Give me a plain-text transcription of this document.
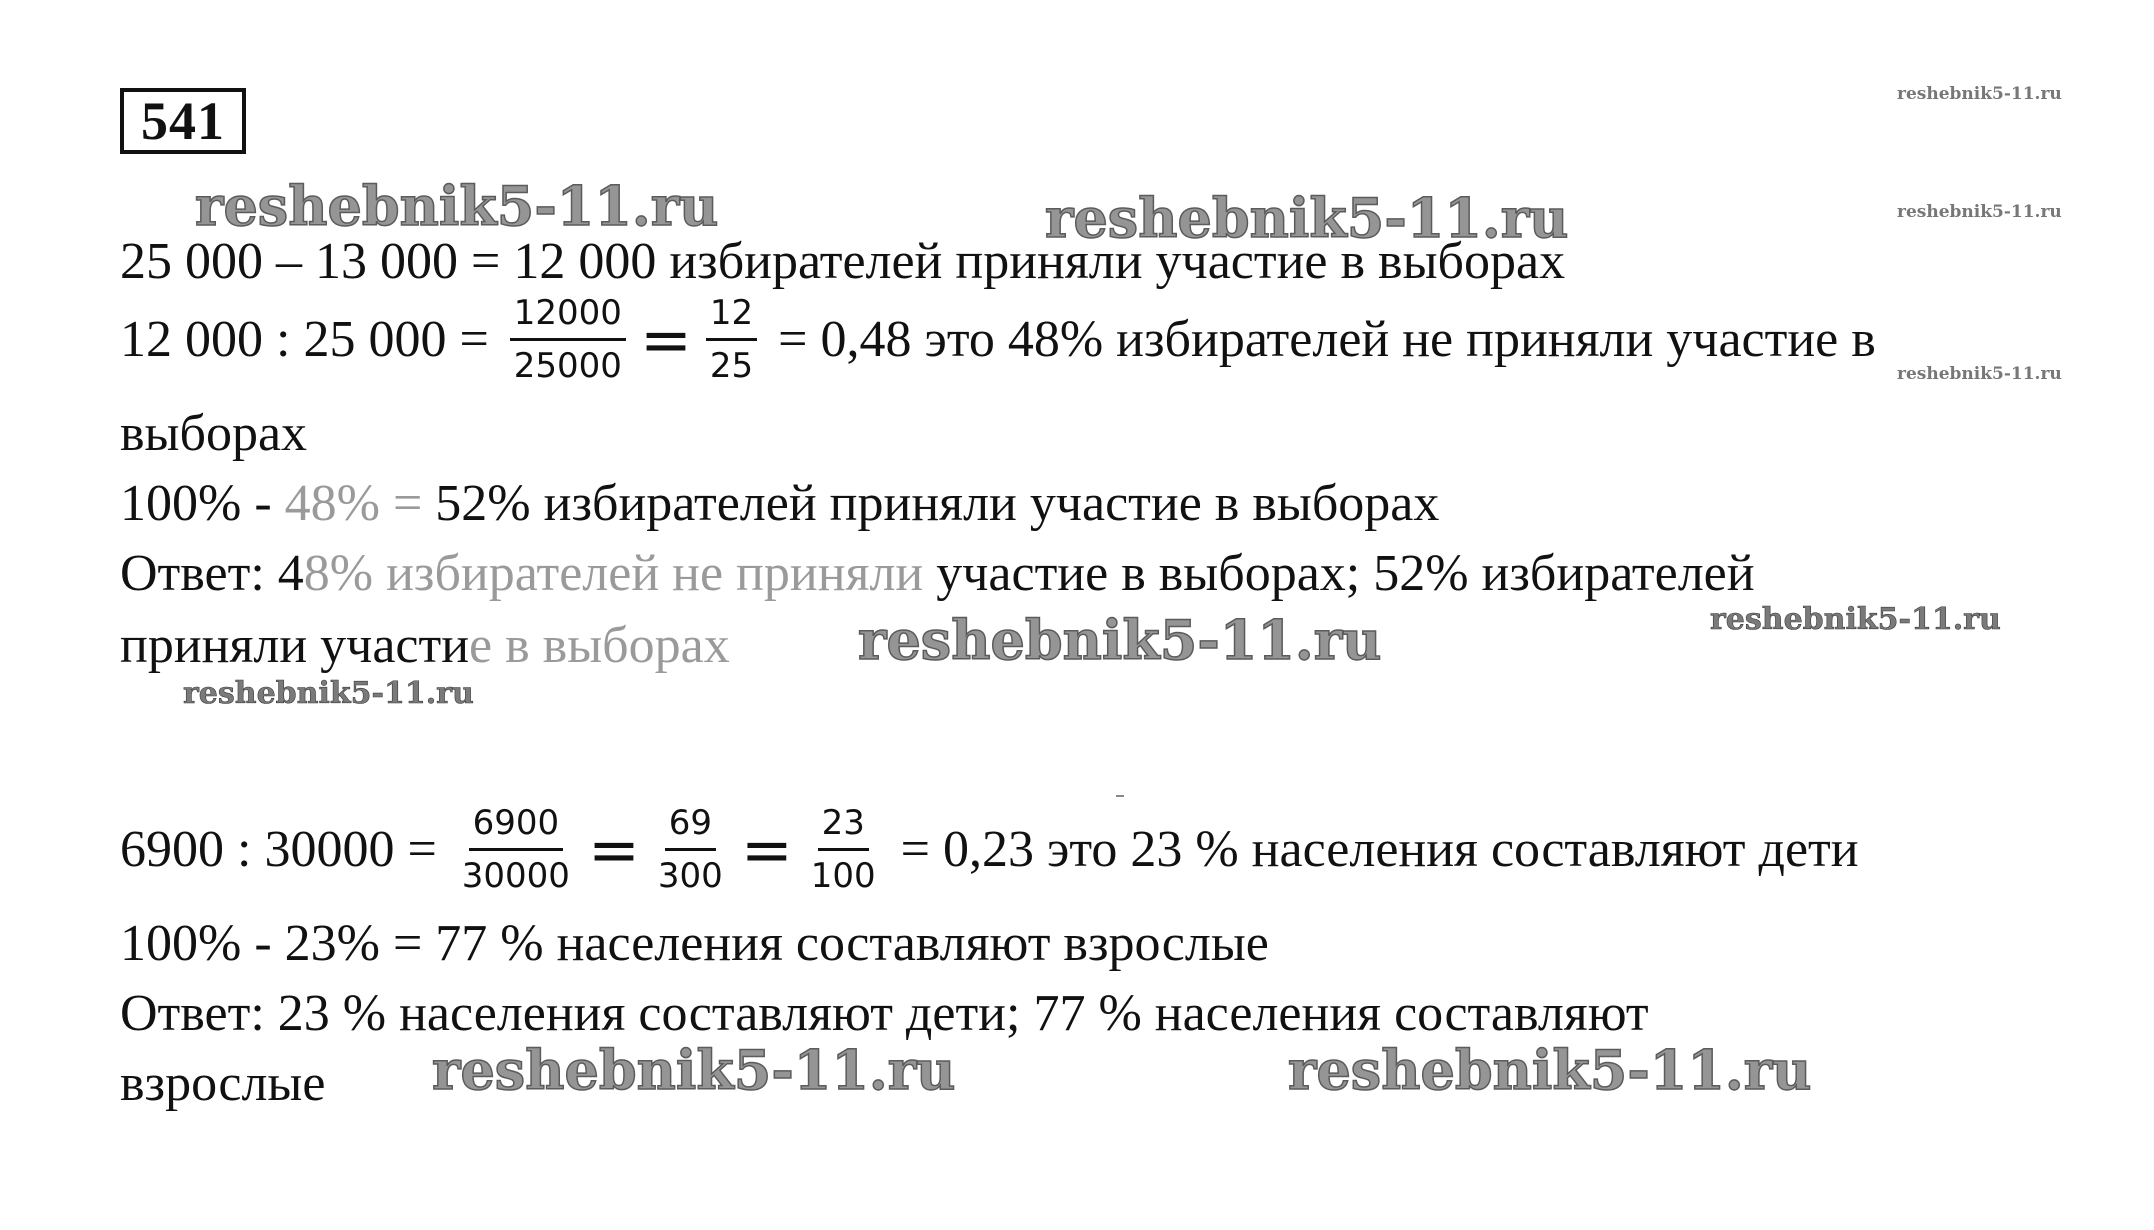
541
reshebnik5-11.ru	reshebnik5-11.ru
reshebnik5-11.ru
reshebnik5-11.ru	reshebnik5-11.ru
reshebnik5-11.ru
reshebnik5-11.ru
reshebnik5-11.ru
reshebnik5-11.ru
reshebnik5-11.ru
25 000 – 13 000 = 12 000 избирателей приняли участие в выборах
12 000 : 25 $000 = \frac{12000}{25000} = \frac{12}{25} = 0,48$ это 48% избирателей не приняли участие в
выборах
100% - 48% = 52% избирателей приняли участие в выборах
Ответ: 4 8% избирателей не приняли участие в выборах; 52% избирателей
приняли участи е в выборах
6900 : $30000 = \frac{6900}{30000} = \frac{69}{300} = \frac{23}{100} = 0,23$ это 23 % населения составляют дети
100% - 23% = 77 % населения составляют взрослые
Ответ: 23 % населения составляют дети; 77 % населения составляют
взрослые
